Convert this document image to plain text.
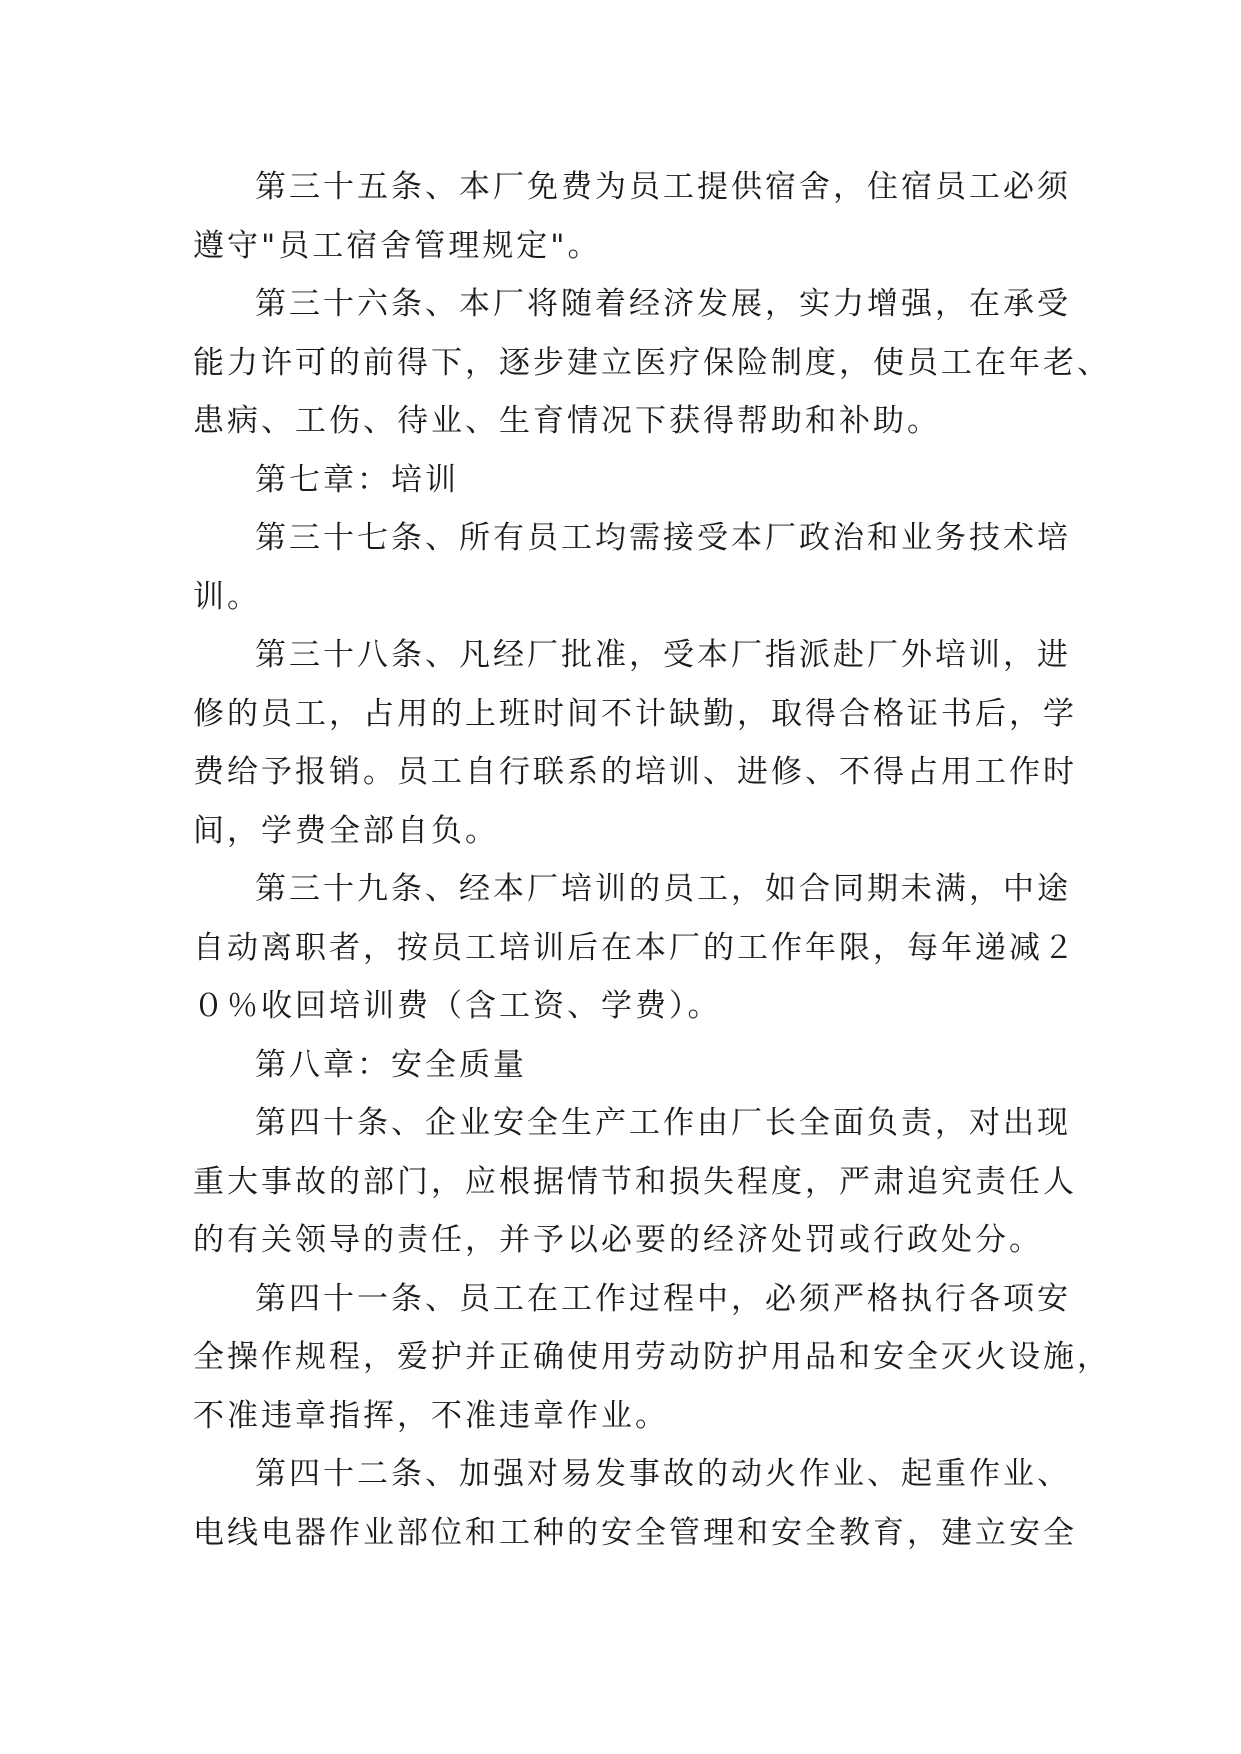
第三十五条、本厂免费为员工提供宿舍，住宿员工必须
遵守"员工宿舍管理规定"。
第三十六条、本厂将随着经济发展，实力增强，在承受
能力许可的前得下，逐步建立医疗保险制度，使员工在年老、
患病、工伤、待业、生育情况下获得帮助和补助。
第七章：培训
第三十七条、所有员工均需接受本厂政治和业务技术培
训。
第三十八条、凡经厂批准，受本厂指派赴厂外培训，进
修的员工，占用的上班时间不计缺勤，取得合格证书后，学
费给予报销。员工自行联系的培训、进修、不得占用工作时
间，学费全部自负。
第三十九条、经本厂培训的员工，如合同期未满，中途
自动离职者，按员工培训后在本厂的工作年限，每年递减２
０％收回培训费（含工资、学费）。
第八章：安全质量
第四十条、企业安全生产工作由厂长全面负责，对出现
重大事故的部门，应根据情节和损失程度，严肃追究责任人
的有关领导的责任，并予以必要的经济处罚或行政处分。
第四十一条、员工在工作过程中，必须严格执行各项安
全操作规程，爱护并正确使用劳动防护用品和安全灭火设施，
不准违章指挥，不准违章作业。
第四十二条、加强对易发事故的动火作业、起重作业、
电线电器作业部位和工种的安全管理和安全教育，建立安全
